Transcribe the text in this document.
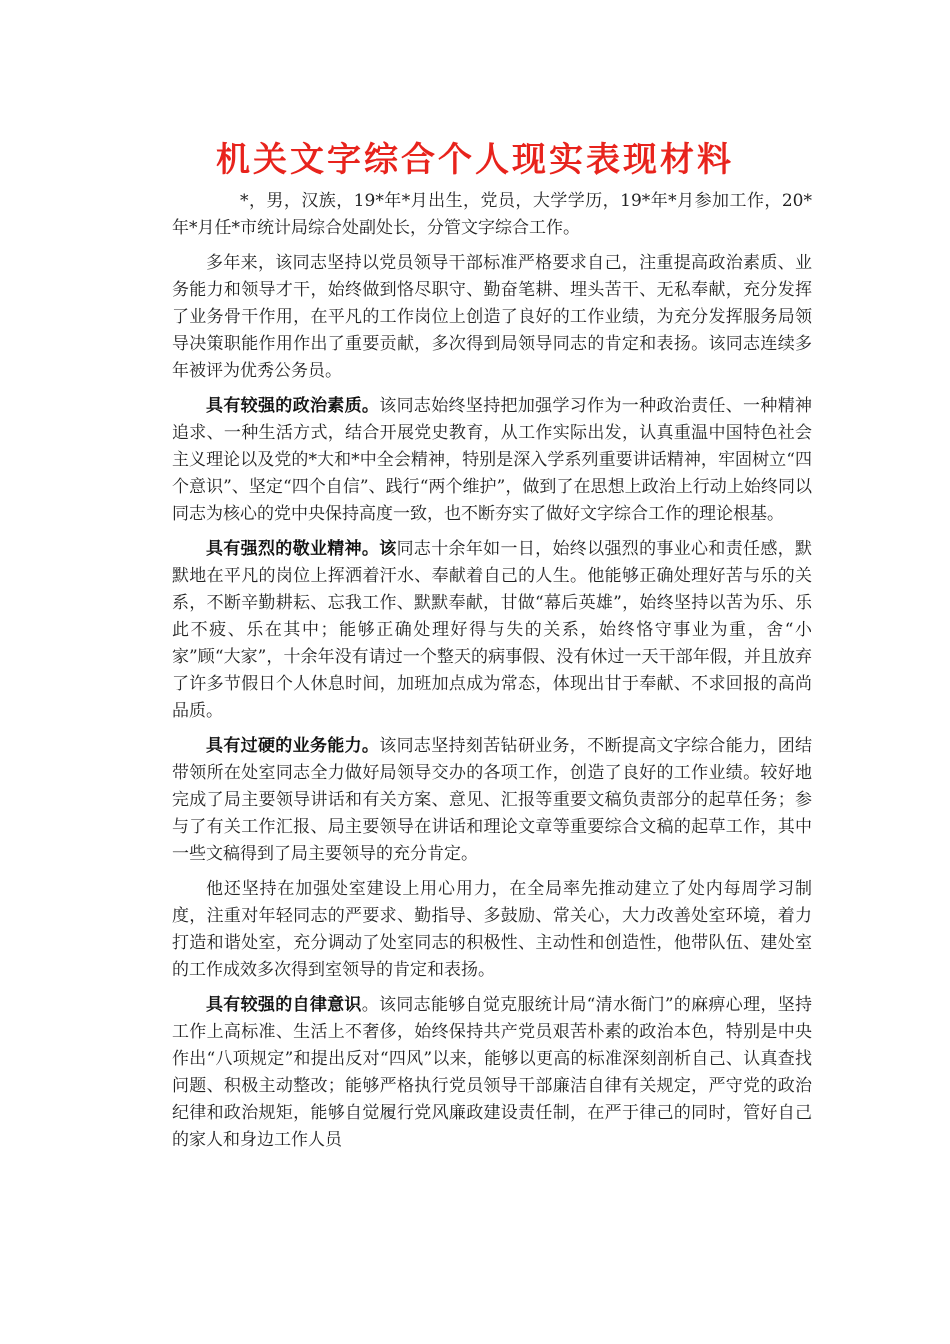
机关文字综合个人现实表现材料

*，男，汉族，19*年*月出生，党员，大学学历，19*年*月参加工作，20*年*月任*市统计局综合处副处长，分管文字综合工作。

多年来，该同志坚持以党员领导干部标准严格要求自己，注重提高政治素质、业务能力和领导才干，始终做到恪尽职守、勤奋笔耕、埋头苦干、无私奉献，充分发挥了业务骨干作用，在平凡的工作岗位上创造了良好的工作业绩，为充分发挥服务局领导决策职能作用作出了重要贡献，多次得到局领导同志的肯定和表扬。该同志连续多年被评为优秀公务员。

具有较强的政治素质。该同志始终坚持把加强学习作为一种政治责任、一种精神追求、一种生活方式，结合开展党史教育，从工作实际出发，认真重温中国特色社会主义理论以及党的*大和*中全会精神，特别是深入学系列重要讲话精神，牢固树立“四个意识”、坚定“四个自信”、践行“两个维护”，做到了在思想上政治上行动上始终同以同志为核心的党中央保持高度一致，也不断夯实了做好文字综合工作的理论根基。

具有强烈的敬业精神。该同志十余年如一日，始终以强烈的事业心和责任感，默默地在平凡的岗位上挥洒着汗水、奉献着自己的人生。他能够正确处理好苦与乐的关系，不断辛勤耕耘、忘我工作、默默奉献，甘做“幕后英雄”，始终坚持以苦为乐、乐此不疲、乐在其中；能够正确处理好得与失的关系，始终恪守事业为重，舍“小家”顾“大家”，十余年没有请过一个整天的病事假、没有休过一天干部年假，并且放弃了许多节假日个人休息时间，加班加点成为常态，体现出甘于奉献、不求回报的高尚品质。

具有过硬的业务能力。该同志坚持刻苦钻研业务，不断提高文字综合能力，团结带领所在处室同志全力做好局领导交办的各项工作，创造了良好的工作业绩。较好地完成了局主要领导讲话和有关方案、意见、汇报等重要文稿负责部分的起草任务；参与了有关工作汇报、局主要领导在讲话和理论文章等重要综合文稿的起草工作，其中一些文稿得到了局主要领导的充分肯定。

他还坚持在加强处室建设上用心用力，在全局率先推动建立了处内每周学习制度，注重对年轻同志的严要求、勤指导、多鼓励、常关心，大力改善处室环境，着力打造和谐处室，充分调动了处室同志的积极性、主动性和创造性，他带队伍、建处室的工作成效多次得到室领导的肯定和表扬。

具有较强的自律意识。该同志能够自觉克服统计局“清水衙门”的麻痹心理，坚持工作上高标准、生活上不奢侈，始终保持共产党员艰苦朴素的政治本色，特别是中央作出“八项规定”和提出反对“四风”以来，能够以更高的标准深刻剖析自己、认真查找问题、积极主动整改；能够严格执行党员领导干部廉洁自律有关规定，严守党的政治纪律和政治规矩，能够自觉履行党风廉政建设责任制，在严于律己的同时，管好自己的家人和身边工作人员
